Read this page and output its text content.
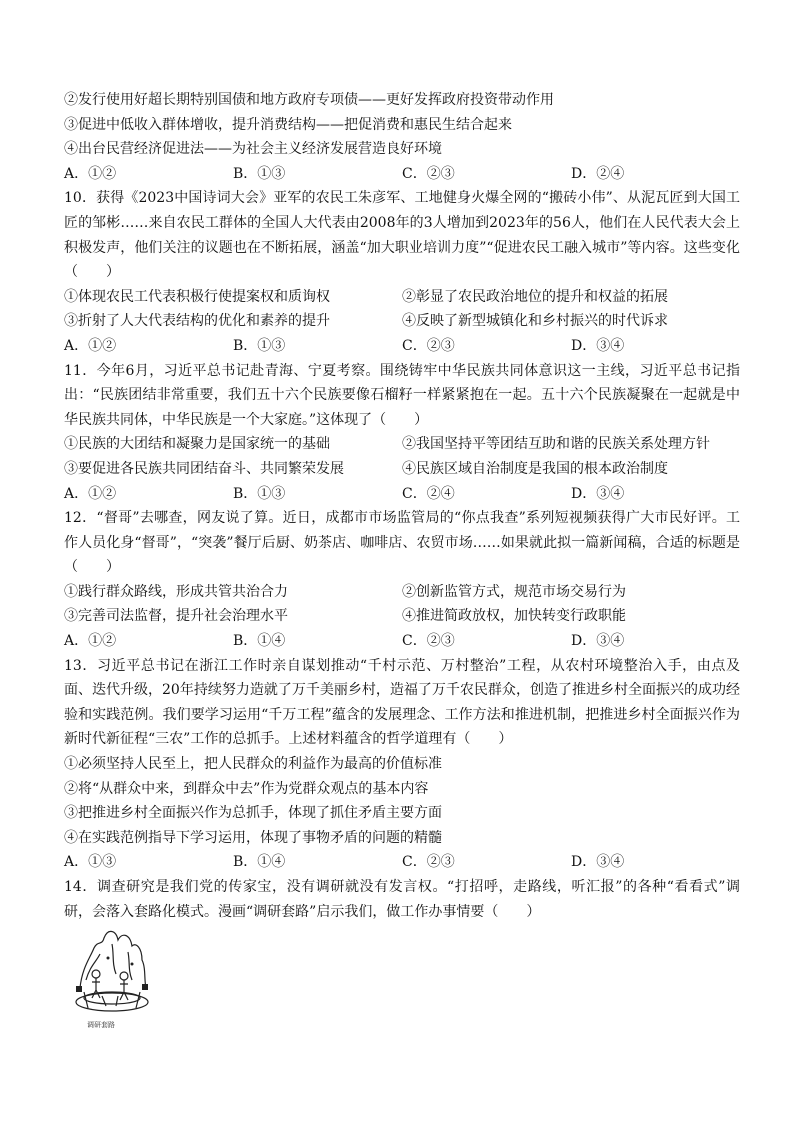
②发行使用好超长期特别国债和地方政府专项债——更好发挥政府投资带动作用
③促进中低收入群体增收，提升消费结构——把促消费和惠民生结合起来
④出台民营经济促进法——为社会主义经济发展营造良好环境
A．①②	B．①③	C．②③	D．②④
10．获得《2023中国诗词大会》亚军的农民工朱彦军、工地健身火爆全网的“搬砖小伟”、从泥瓦匠到大国工匠的邹彬……来自农民工群体的全国人大代表由2008年的3人增加到2023年的56人，他们在人民代表大会上积极发声，他们关注的议题也在不断拓展，涵盖“加大职业培训力度”“促进农民工融入城市”等内容。这些变化（　　）
①体现农民工代表积极行使提案权和质询权	②彰显了农民政治地位的提升和权益的拓展
③折射了人大代表结构的优化和素养的提升	④反映了新型城镇化和乡村振兴的时代诉求
A．①②	B．①③	C．②③	D．③④
11．今年6月，习近平总书记赴青海、宁夏考察。围绕铸牢中华民族共同体意识这一主线，习近平总书记指出：“民族团结非常重要，我们五十六个民族要像石榴籽一样紧紧抱在一起。五十六个民族凝聚在一起就是中华民族共同体，中华民族是一个大家庭。”这体现了（　　）
①民族的大团结和凝聚力是国家统一的基础	②我国坚持平等团结互助和谐的民族关系处理方针
③要促进各民族共同团结奋斗、共同繁荣发展	④民族区域自治制度是我国的根本政治制度
A．①②	B．①③	C．②④	D．③④
12．“督哥”去哪查，网友说了算。近日，成都市市场监管局的“你点我查”系列短视频获得广大市民好评。工作人员化身“督哥”，“突袭”餐厅后厨、奶茶店、咖啡店、农贸市场……如果就此拟一篇新闻稿，合适的标题是（　　）
①践行群众路线，形成共管共治合力	②创新监管方式，规范市场交易行为
③完善司法监督，提升社会治理水平	④推进简政放权，加快转变行政职能
A．①②	B．①④	C．②③	D．③④
13．习近平总书记在浙江工作时亲自谋划推动“千村示范、万村整治”工程，从农村环境整治入手，由点及面、迭代升级，20年持续努力造就了万千美丽乡村，造福了万千农民群众，创造了推进乡村全面振兴的成功经验和实践范例。我们要学习运用“千万工程”蕴含的发展理念、工作方法和推进机制，把推进乡村全面振兴作为新时代新征程“三农”工作的总抓手。上述材料蕴含的哲学道理有（　　）
①必须坚持人民至上，把人民群众的利益作为最高的价值标准
②将“从群众中来，到群众中去”作为党群众观点的基本内容
③把推进乡村全面振兴作为总抓手，体现了抓住矛盾主要方面
④在实践范例指导下学习运用，体现了事物矛盾的问题的精髓
A．①③	B．①④	C．②③	D．③④
14．调查研究是我们党的传家宝，没有调研就没有发言权。“打招呼，走路线，听汇报”的各种“看看式”调研，会落入套路化模式。漫画“调研套路”启示我们，做工作办事情要（　　）
调研套路
